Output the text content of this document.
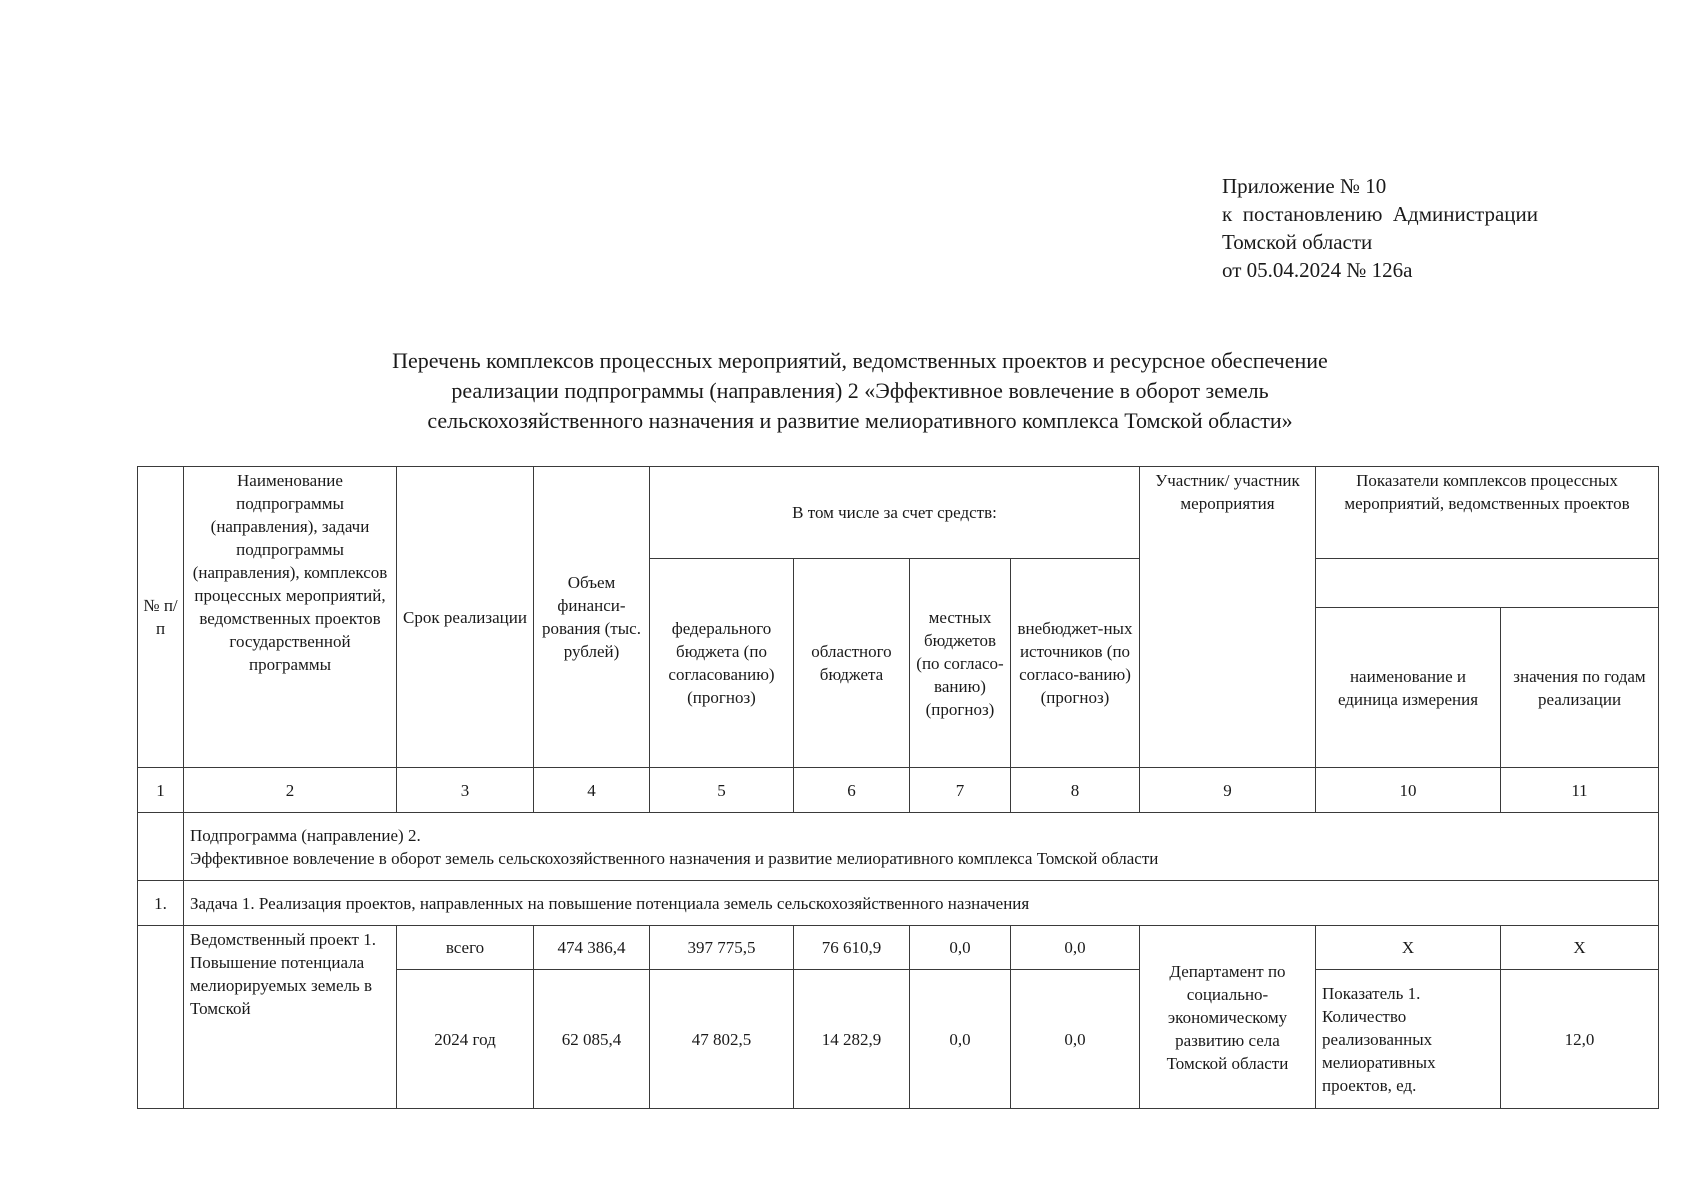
Приложение № 10
к  постановлению  Администрации
Томской области
от 05.04.2024 № 126а
Перечень комплексов процессных мероприятий, ведомственных проектов и ресурсное обеспечение
реализации подпрограммы (направления) 2 «Эффективное вовлечение в оборот земель
сельскохозяйственного назначения и развитие мелиоративного комплекса Томской области»
№ п/п	Наименование подпрограммы (направления), задачи подпрограммы (направления), комплексов процессных мероприятий, ведомственных проектов государственной программы	Срок реализации	Объем финанси-рования (тыс. рублей)	В том числе за счет средств:				Участник/ участник мероприятия	Показатели комплексов процессных мероприятий, ведомственных проектов	
				федерального бюджета (по согласованию) (прогноз)	областного бюджета	местных бюджетов (по согласо-ванию) (прогноз)	внебюджет-ных источников (по согласо-ванию) (прогноз)			
									наименование и единица измерения	значения по годам реализации
1	2	3	4	5	6	7	8	9	10	11

	Подпрограмма (направление) 2.
Эффективное вовлечение в оборот земель сельскохозяйственного назначения и развитие мелиоративного комплекса Томской области									

1.	Задача 1. Реализация проектов, направленных на повышение потенциала земель сельскохозяйственного назначения									
	Ведомственный проект 1. Повышение потенциала мелиорируемых земель в Томской	всего	474 386,4	397 775,5	76 610,9	0,0	0,0	Департамент по социально-экономическому развитию села Томской области	Х	Х
		2024 год	62 085,4	47 802,5	14 282,9	0,0	0,0		Показатель 1. Количество реализованных мелиоративных проектов, ед.	12,0
